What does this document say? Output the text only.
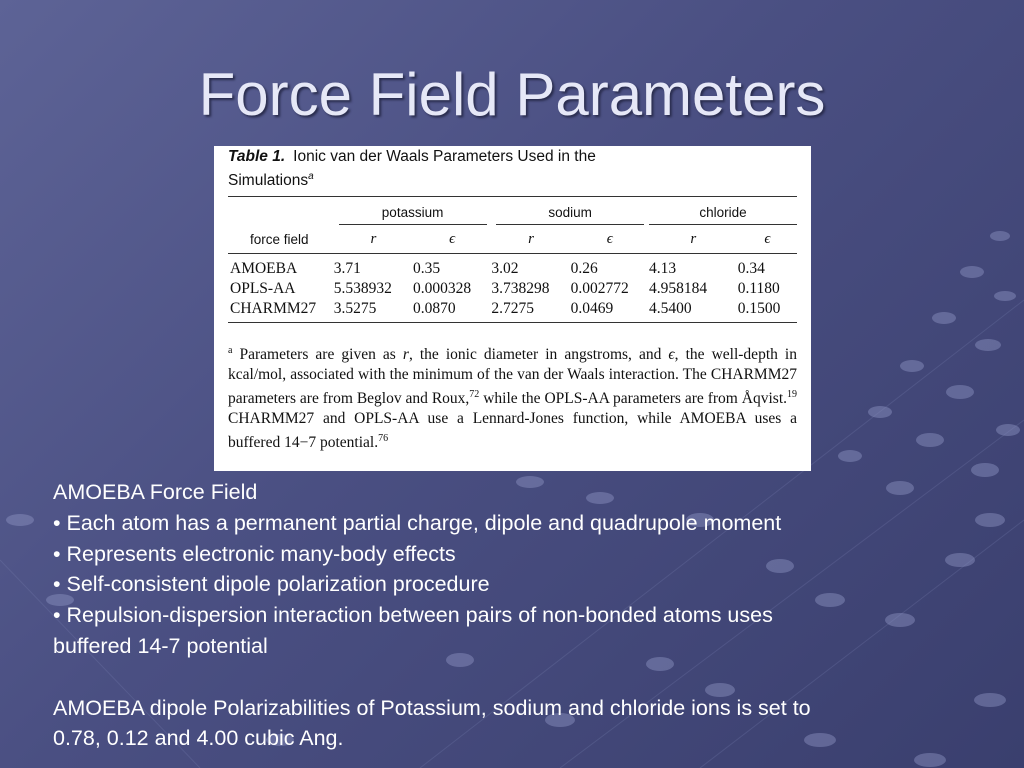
Force Field Parameters
Table 1. Ionic van der Waals Parameters Used in the
Simulations$^a$
	potassium		sodium		chloride	
force field	r	ϵ	r	ϵ	r	ϵ

AMOEBA	3.71	0.35	3.02	0.26	4.13	0.34
OPLS-AA	5.538932	0.000328	3.738298	0.002772	4.958184	0.1180
CHARMM27	3.5275	0.0870	2.7275	0.0469	4.5400	0.1500
$^a$ Parameters are given as r, the ionic diameter in angstroms, and ϵ, the well-depth in kcal/mol, associated with the minimum of the van der Waals interaction. The CHARMM27 parameters are from Beglov and Roux,$^{72}$ while the OPLS-AA parameters are from Åqvist.$^{19}$ CHARMM27 and OPLS-AA use a Lennard-Jones function, while AMOEBA uses a buffered 14−7 potential.$^{76}$
AMOEBA Force Field
• Each atom has a permanent partial charge, dipole and quadrupole moment
• Represents electronic many-body effects
• Self-consistent dipole polarization procedure
• Repulsion-dispersion interaction between pairs of non-bonded atoms uses
buffered 14-7 potential
AMOEBA dipole Polarizabilities of Potassium, sodium and chloride ions is set to
0.78, 0.12 and 4.00 cubic Ang.
